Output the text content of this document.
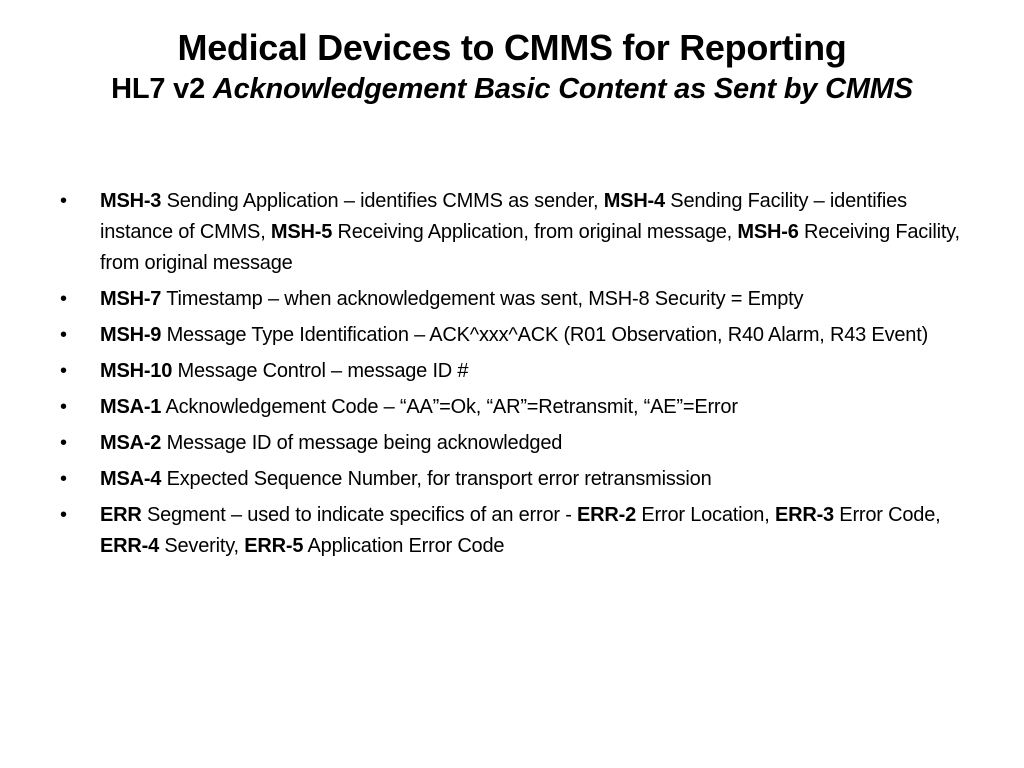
Medical Devices to CMMS for Reporting
HL7 v2 Acknowledgement Basic Content as Sent by CMMS
• MSH-3 Sending Application – identifies CMMS as sender, MSH-4 Sending Facility – identifies instance of CMMS, MSH-5 Receiving Application, from original message, MSH-6 Receiving Facility, from original message
• MSH-7 Timestamp – when acknowledgement was sent, MSH-8 Security = Empty
• MSH-9 Message Type Identification – ACK^xxx^ACK (R01 Observation, R40 Alarm, R43 Event)
• MSH-10 Message Control – message ID #
• MSA-1 Acknowledgement Code – “AA”=Ok, “AR”=Retransmit, “AE”=Error
• MSA-2 Message ID of message being acknowledged
• MSA-4 Expected Sequence Number, for transport error retransmission
• ERR Segment – used to indicate specifics of an error - ERR-2 Error Location, ERR-3 Error Code, ERR-4 Severity, ERR-5 Application Error Code
